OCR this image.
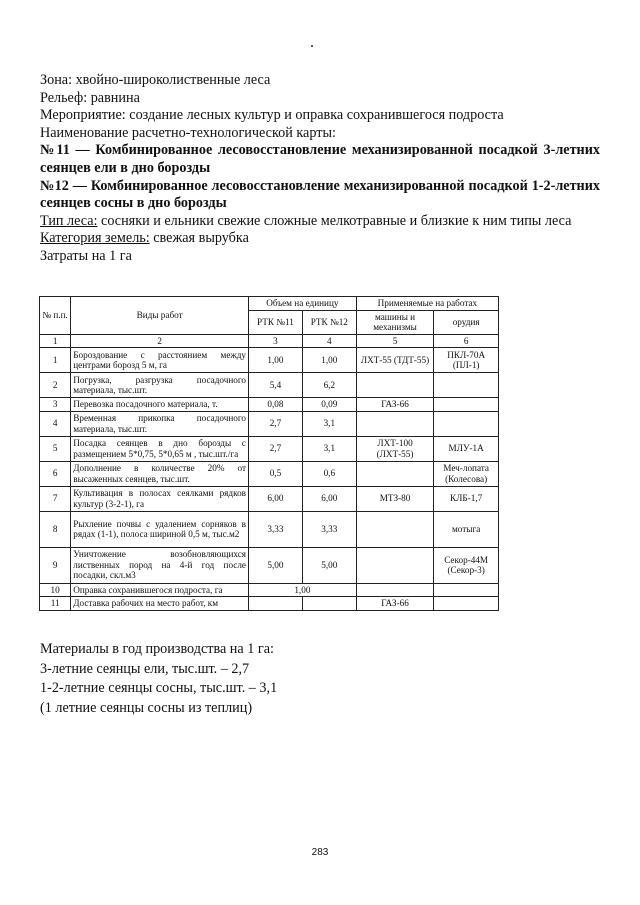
Зона: хвойно-широколиственные леса
Рельеф: равнина
Мероприятие: создание лесных культур и оправка сохранившегося подроста
Наименование расчетно-технологической карты:
№11 — Комбинированное лесовосстановление механизированной посадкой 3-летних сеянцев ели в дно борозды
№12 — Комбинированное лесовосстановление механизированной посадкой 1-2-летних сеянцев сосны в дно борозды
Тип леса: сосняки и ельники свежие сложные мелкотравные и близкие к ним типы леса
Категория земель: свежая вырубка
Затраты на 1 га
№ п.п.	Виды работ	Объем на единицу		Применяемые на работах	
		РТК №11	РТК №12	машины и механизмы	орудия
1	2	3	4	5	6
1	Бороздование с расстоянием между центрами борозд 5 м, га	1,00	1,00	ЛХТ-55 (ТДТ-55)	ПКЛ-70А (ПЛ-1)
2	Погрузка, разгрузка посадочного материала, тыс.шт.	5,4	6,2		
3	Перевозка посадочного материала, т.	0,08	0,09	ГАЗ-66	
4	Временная прикопка посадочного материала, тыс.шт.	2,7	3,1		
5	Посадка сеянцев в дно борозды с размещением 5*0,75, 5*0,65 м , тыс.шт./га	2,7	3,1	ЛХТ-100 (ЛХТ-55)	МЛУ-1А
6	Дополнение в количестве 20% от высаженных сеянцев, тыс.шт.	0,5	0,6		Меч-лопата (Колесова)
7	Культивация в полосах сеялками рядков культур (3-2-1), га	6,00	6,00	МТЗ-80	КЛБ-1,7
8	Рыхление почвы с удалением сорняков в рядах (1-1), полоса шириной 0,5 м, тыс.м2	3,33	3,33		мотыга
9	Уничтожение возобновляющихся лиственных пород на 4-й год после посадки, скл.м3	5,00	5,00		Секор-44М (Секор-3)
10	Оправка сохранившегося подроста, га	1,00			
11	Доставка рабочих на место работ, км			ГАЗ-66	
Материалы в год производства на 1 га:
3-летние сеянцы ели, тыс.шт. – 2,7
1-2-летние сеянцы сосны, тыс.шт. – 3,1
(1 летние сеянцы сосны из теплиц)
283
